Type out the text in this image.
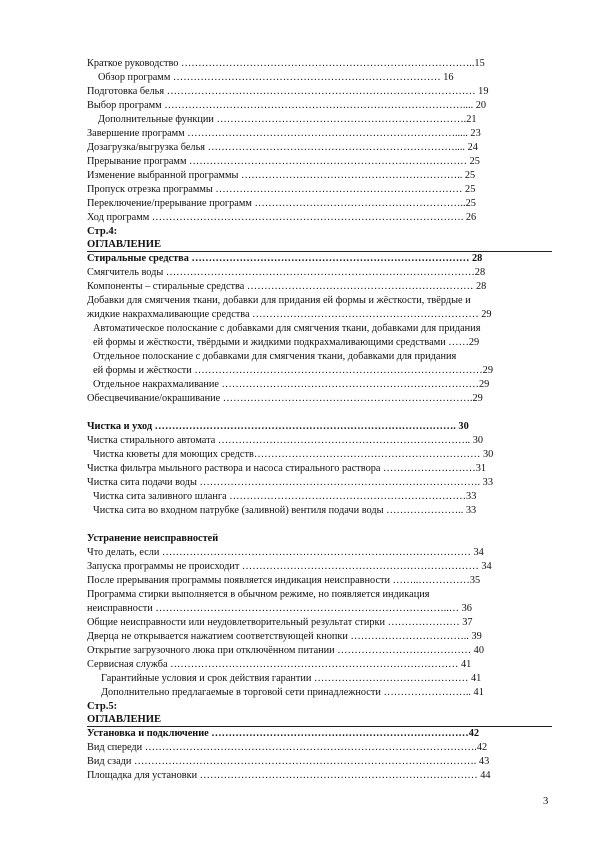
Краткое руководство …………………………………………………………………………..15
Обзор программ …………………………………………………………………… 16
Подготовка белья ……………………………………………………………………………… 19
Выбор программ …………………………………………………………………………….... 20
Дополнительные функции ……………………………………………………………….21
Завершение программ ……………………………………………………………………..... 23
Дозагрузка/выгрузка белья ……………………………………………………………….... 24
Прерывание программ ……………………………………………………………………… 25
Изменение выбранной программы ……………………………………………………….. 25
Пропуск отрезка программы ……………………………………………………………… 25
Переключение/прерывание программ ……………………………………………………..25
Ход программ ………………………………………………………………………………. 26
Стр.4:
ОГЛАВЛЕНИЕ
Стиральные средства ……………………………………………………………………… 28
Смягчитель воды ………………………………………………………………………………28
Компоненты – стиральные средства ………………………………………………………… 28
Добавки для смягчения ткани, добавки для придания ей формы и жёсткости, твёрдые и
жидкие накрахмаливающие средства ………………………………………………………… 29
Автоматическое полоскание с добавками для смягчения ткани, добавками для придания
ей формы и жёсткости, твёрдыми и жидкими подкрахмаливающими средствами ……29
Отдельное полоскание с добавками для смягчения ткани, добавками для придания
ей формы и жёсткости …………………………………………………………………………29
Отдельное накрахмаливание …………………………………………………………………29
Обесцвечивание/окрашивание ……………………………………………………………….29
Чистка и уход ……………………………………………………………………………. 30
Чистка стирального автомата ……………………………………………………………….. 30
Чистка кюветы для моющих средств………………………………………………………… 30
Чистка фильтра мыльного раствора и насоса стирального раствора ………………………31
Чистка сита подачи воды ………………………………………………………………………. 33
Чистка сита заливного шланга ……………………………………………………………33
Чистка сита во входном патрубке (заливной) вентиля подачи воды ………………….. 33
Устранение неисправностей
Что делать, если ……………………………………………………………………………… 34
Запуска программы не происходит …………………………………………………………… 34
После прерывания программы появляется индикация неисправности ……..……………35
Программа стирки выполняется в обычном режиме, но появляется индикация
неисправности …………………………………………………………………………..… 36
Общие неисправности или неудовлетворительный результат стирки ………………… 37
Дверца не открывается нажатием соответствующей кнопки …………………………….. 39
Открытие загрузочного люка при отключённом питании ………………………………… 40
Сервисная служба ………………………………………………………………………… 41
Гарантийные условия и срок действия гарантии ……………………………………… 41
Дополнительно предлагаемые в торговой сети принадлежности …………………….. 41
Стр.5:
ОГЛАВЛЕНИЕ
Установка и подключение …………………………………………………………………42
Вид спереди …………………………………………………………………………………….42
Вид сзади ………………………………………………………………………………………. 43
Площадка для установки ……………………………………………………………………… 44
3
